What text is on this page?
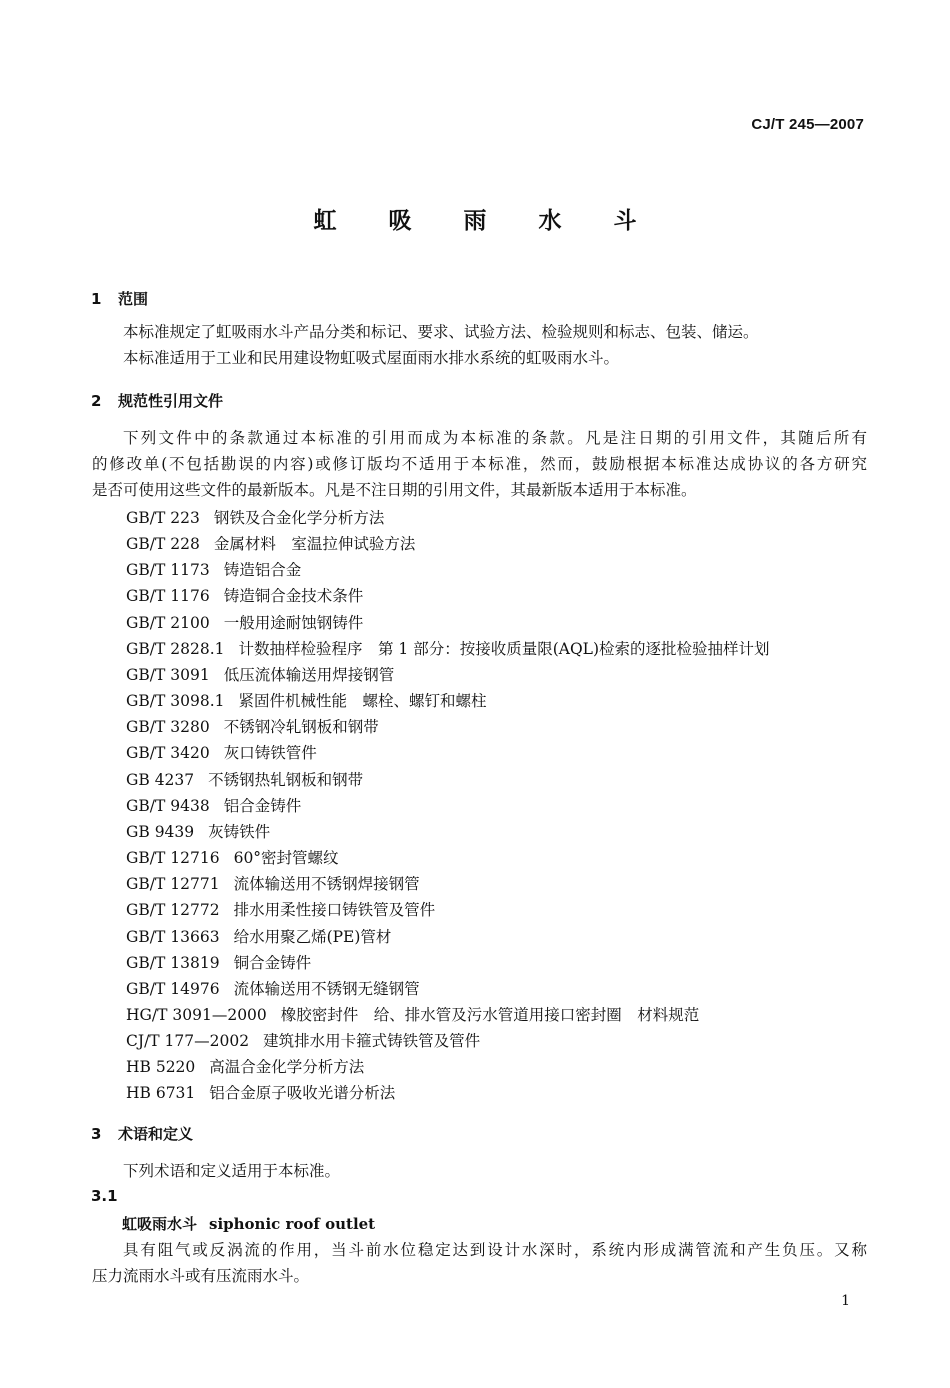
CJ/T 245—2007
虹 吸 雨 水 斗
1 范围
本标准规定了虹吸雨水斗产品分类和标记、要求、试验方法、检验规则和标志、包装、储运。
本标准适用于工业和民用建设物虹吸式屋面雨水排水系统的虹吸雨水斗。
2 规范性引用文件
下列文件中的条款通过本标准的引用而成为本标准的条款。凡是注日期的引用文件，其随后所有
的修改单(不包括勘误的内容)或修订版均不适用于本标准，然而，鼓励根据本标准达成协议的各方研究
是否可使用这些文件的最新版本。凡是不注日期的引用文件，其最新版本适用于本标准。
GB/T 223 钢铁及合金化学分析方法
GB/T 228 金属材料　室温拉伸试验方法
GB/T 1173 铸造铝合金
GB/T 1176 铸造铜合金技术条件
GB/T 2100 一般用途耐蚀钢铸件
GB/T 2828.1 计数抽样检验程序　第 1 部分：按接收质量限(AQL)检索的逐批检验抽样计划
GB/T 3091 低压流体输送用焊接钢管
GB/T 3098.1 紧固件机械性能　螺栓、螺钉和螺柱
GB/T 3280 不锈钢冷轧钢板和钢带
GB/T 3420 灰口铸铁管件
GB 4237 不锈钢热轧钢板和钢带
GB/T 9438 铝合金铸件
GB 9439 灰铸铁件
GB/T 12716 60°密封管螺纹
GB/T 12771 流体输送用不锈钢焊接钢管
GB/T 12772 排水用柔性接口铸铁管及管件
GB/T 13663 给水用聚乙烯(PE)管材
GB/T 13819 铜合金铸件
GB/T 14976 流体输送用不锈钢无缝钢管
HG/T 3091—2000 橡胶密封件　给、排水管及污水管道用接口密封圈　材料规范
CJ/T 177—2002 建筑排水用卡箍式铸铁管及管件
HB 5220 高温合金化学分析方法
HB 6731 铝合金原子吸收光谱分析法
3 术语和定义
下列术语和定义适用于本标准。
3.1
虹吸雨水斗 siphonic roof outlet
具有阻气或反涡流的作用，当斗前水位稳定达到设计水深时，系统内形成满管流和产生负压。又称
压力流雨水斗或有压流雨水斗。
1
